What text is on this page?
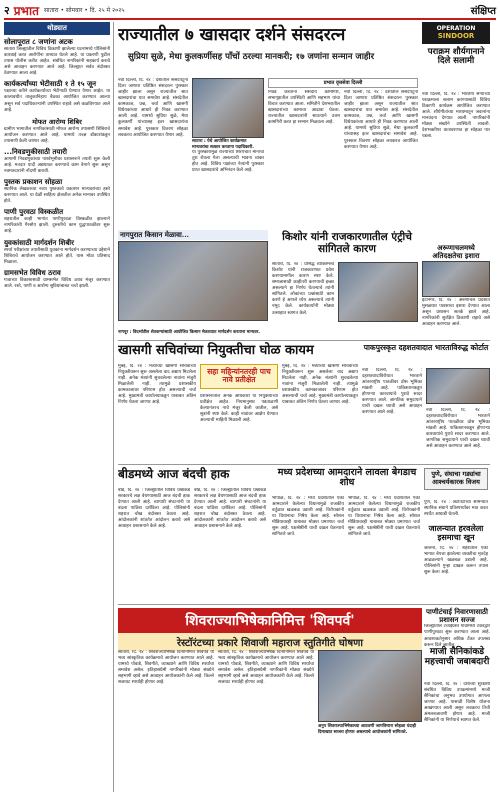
२ प्रभात सातारा • सोमवार • दि. २५ मे २०२५	संक्षिप्त
थोड्यात
सोलापूरात ८ जणांना अटक
सातारा जिल्ह्यातील विविध ठिकाणी झालेल्या घटनांमध्ये पोलिसांनी कारवाई करत आरोपींना ताब्यात घेतले आहे. या प्रकरणी पुढील तपास पोलीस करीत आहेत. संबंधित नागरिकांनी सहकार्य करावे असे आवाहन करण्यात आले आहे. जिल्ह्यात सर्वत्र बंदोबस्त ठेवण्यात आला आहे.
कार्यकर्त्यांच्या भेटीसाठी १ ते १५ जून
पक्षाच्या वतीने कार्यकर्त्यांच्या भेटीगाठी घेण्यात येणार आहेत. या कालावधीत तालुकानिहाय बैठका आयोजित करण्यात आल्या असून सर्व पदाधिकाऱ्यांनी उपस्थित राहावे असे कळविण्यात आले आहे.
मोफत आरोग्य शिबिर
ग्रामीण भागातील नागरिकांसाठी मोफत आरोग्य तपासणी शिबिराचे आयोजन करण्यात आले आहे. यामध्ये तज्ज्ञ डॉक्टरांकडून तपासणी केली जाणार आहे.
...निवडणुकीसाठी तयारी
आगामी निवडणुकांच्या पार्श्वभूमीवर प्रशासनाने तयारी सुरू केली आहे. मतदार यादी अद्ययावत करण्याचे काम वेगाने सुरू असून नवमतदारांनी नोंदणी करावी.
पुस्तक प्रकाशन सोहळा
स्थानिक लेखकाच्या नव्या पुस्तकाचे प्रकाशन मान्यवरांच्या हस्ते करण्यात आले. या वेळी साहित्य क्षेत्रातील अनेक मान्यवर उपस्थित होते.
पाणी पुरवठा विस्कळीत
शहरातील काही भागांत पाणीपुरवठा विस्कळीत झाल्याने नागरिकांची गैरसोय झाली. दुरुस्तीचे काम युद्धपातळीवर सुरू आहे.
युवकांसाठी मार्गदर्शन शिबीर
स्पर्धा परीक्षांच्या तयारीसाठी युवकांना मार्गदर्शन करण्याच्या उद्देशाने शिबिराचे आयोजन करण्यात आले होते. यास मोठा प्रतिसाद मिळाला.
ग्रामसभेत विविध ठराव
गावाच्या विकासासाठी ग्रामसभेत विविध ठराव मंजूर करण्यात आले. रस्ते, पाणी व आरोग्य सुविधांबाबत चर्चा झाली.
राज्यातील ७ खासदार दर्शने संसदरत्न
सुप्रिया सुळे, मेधा कुलकर्णीसह पाँचों ठरल्या मानकरी; १७ जणांना सन्मान जाहीर
प्रभात वृत्तसेवा दिल्ली
नवी दिल्ली, दि. २४ : देशातील संसदपटूंना दिला जाणारा प्रतिष्ठित संसदरत्न पुरस्कार जाहीर झाला असून राज्यातील सात खासदारांचा यात समावेश आहे. संसदेतील कामकाज, प्रश्न, चर्चा आणि खासगी विधेयकांच्या आधारे ही निवड करण्यात आली आहे. यामध्ये सुप्रिया सुळे, मेधा कुलकर्णी यांच्यासह इतर खासदारांचा समावेश आहे. पुरस्कार वितरण सोहळा लवकरच आयोजित करण्यात येणार आहे.
सातारा : येथे आयोजित कार्यक्रमात मान्यवरांचा सत्कार करताना पदाधिकारी.
या पुरस्कारामुळे राज्याच्या शिरपेचात मानाचा तुरा रोवला गेला असल्याची भावना व्यक्त होत आहे. विविध पक्षांच्या नेत्यांनी पुरस्कार प्राप्त खासदारांचे अभिनंदन केले आहे.
निवड करताना संसदीय कामगिरी, सभागृहातील उपस्थिती आणि सहभाग यांचा विचार करण्यात आला. समितीने देशभरातील खासदारांच्या कामाचा आढावा घेतला. राज्यातील खासदारांनी सातत्याने उत्तम कामगिरी करत हा सन्मान मिळवला आहे.
नवी दिल्ली, दि. २४ : देशातील संसदपटूंना दिला जाणारा प्रतिष्ठित संसदरत्न पुरस्कार जाहीर झाला असून राज्यातील सात खासदारांचा यात समावेश आहे. संसदेतील कामकाज, प्रश्न, चर्चा आणि खासगी विधेयकांच्या आधारे ही निवड करण्यात आली आहे. यामध्ये सुप्रिया सुळे, मेधा कुलकर्णी यांच्यासह इतर खासदारांचा समावेश आहे. पुरस्कार वितरण सोहळा लवकरच आयोजित करण्यात येणार आहे.
OPERATION
SINDOOR
पराक्रम शौर्यगानाने दिले सलामी
नवी दिल्ली, दि. २४ : भारतीय सैन्याच्या पराक्रमाला सलाम करण्यासाठी विविध ठिकाणी कार्यक्रम आयोजित करण्यात आले. शौर्यगीतांच्या माध्यमातून जवानांना मानवंदना देण्यात आली. नागरिकांनी मोठ्या संख्येने उपस्थिती लावली. देशभक्तीपर वातावरणात हा सोहळा पार पडला.
नागपुरात किसान मेळावा...
नागपूर : विदर्भातील शेतकऱ्यांसाठी आयोजित किसान मेळाव्यात मार्गदर्शन करताना मान्यवर.
किशोर यांनी राजकारणातील एंट्रीचे सांगितले कारण
सातारा, दि. २४ : प्रसिद्ध व्यक्तिमत्त्व किशोर यांनी राजकारणात प्रवेश करण्यामागील कारण स्पष्ट केले. समाजासाठी काहीतरी करण्याची इच्छा असल्याने हा निर्णय घेतल्याचे त्यांनी सांगितले. लोकांच्या प्रश्नांसाठी काम करणे हे आपले ध्येय असल्याचे त्यांनी नमूद केले. कार्यकर्त्यांनी मोठ्या उत्साहात स्वागत केले.
अरूणाचलमध्ये अतिदक्षतेचा इशारा
इटानगर, दि. २४ : अरुणाचल प्रदेशात मुसळधार पावसाचा इशारा देण्यात आला असून प्रशासन सतर्क झाले आहे. नागरिकांनी सुरक्षित ठिकाणी राहावे असे आवाहन करण्यात आले.
खासगी सचिवांच्या नियुक्तीचा घोळ कायम
मुंबई, दि. २४ : मंत्र्यांच्या खासगी सचिवांच्या नियुक्तीवरून सुरू असलेला वाद अद्याप मिटलेला नाही. अनेक मंत्र्यांनी सुचवलेल्या नावांना मंजुरी मिळालेली नाही. त्यामुळे प्रशासकीय कामकाजावर परिणाम होत असल्याची चर्चा आहे. मुख्यमंत्री कार्यालयाकडून याबाबत अंतिम निर्णय घेतला जाणार आहे.
सहा महिन्यांनतरही पाच नावे प्रतीक्षेत
प्रशासनातील अनेक अधिकारी या नियुक्त्यांच्या प्रतीक्षेत आहेत. नियमानुसार पडताळणी केल्यानंतरच नावे मंजूर केली जातील, असे सूत्रांनी स्पष्ट केले. काही नावांवर आक्षेप घेण्यात आल्याची माहिती मिळाली आहे.
मुंबई, दि. २४ : मंत्र्यांच्या खासगी सचिवांच्या नियुक्तीवरून सुरू असलेला वाद अद्याप मिटलेला नाही. अनेक मंत्र्यांनी सुचवलेल्या नावांना मंजुरी मिळालेली नाही. त्यामुळे प्रशासकीय कामकाजावर परिणाम होत असल्याची चर्चा आहे. मुख्यमंत्री कार्यालयाकडून याबाबत अंतिम निर्णय घेतला जाणार आहे.
पाकपुरस्कृत दहशतवादात भारताविरुद्ध कोर्टात
नवी दिल्ली, दि. २४ : दहशतवादाविरोधात भारताने आंतरराष्ट्रीय पातळीवर ठोस भूमिका मांडली आहे. पाकिस्तानकडून होणाऱ्या कारवायांचे पुरावे सादर करण्यात आले. जागतिक समुदायाने याची दखल घ्यावी असे आवाहन करण्यात आले आहे.	नवी दिल्ली, दि. २४ : दहशतवादाविरोधात भारताने आंतरराष्ट्रीय पातळीवर ठोस भूमिका मांडली आहे. पाकिस्तानकडून होणाऱ्या कारवायांचे पुरावे सादर करण्यात आले. जागतिक समुदायाने याची दखल घ्यावी असे आवाहन करण्यात आले आहे.
बीडमध्ये आज बंदची हाक
बीड, दि. २४ : जिल्ह्यातील विविध प्रश्नांकडे सरकारचे लक्ष वेधण्यासाठी आज बंदची हाक देण्यात आली आहे. व्यापारी संघटनांनी या बंदला पाठिंबा दर्शविला आहे. पोलिसांनी शहरात चोख बंदोबस्त ठेवला आहे. आंदोलकांनी शांततेत आंदोलन करावे असे आवाहन प्रशासनाने केले आहे.
बीड, दि. २४ : जिल्ह्यातील विविध प्रश्नांकडे सरकारचे लक्ष वेधण्यासाठी आज बंदची हाक देण्यात आली आहे. व्यापारी संघटनांनी या बंदला पाठिंबा दर्शविला आहे. पोलिसांनी शहरात चोख बंदोबस्त ठेवला आहे. आंदोलकांनी शांततेत आंदोलन करावे असे आवाहन प्रशासनाने केले आहे.
मध्य प्रदेशच्या आमदाराने लावला बेगडाच शोध
भोपाळ, दि. २४ : मध्य प्रदेशातील एका आमदाराने केलेल्या विधानामुळे राजकीय वर्तुळात खळबळ उडाली आहे. विरोधकांनी या विधानाचा निषेध केला आहे. सोशल मीडियावरही याबाबत मोठ्या प्रमाणात चर्चा सुरू आहे. पक्षश्रेष्ठींनी याची दखल घेतल्याचे सांगितले जाते.
भोपाळ, दि. २४ : मध्य प्रदेशातील एका आमदाराने केलेल्या विधानामुळे राजकीय वर्तुळात खळबळ उडाली आहे. विरोधकांनी या विधानाचा निषेध केला आहे. सोशल मीडियावरही याबाबत मोठ्या प्रमाणात चर्चा सुरू आहे. पक्षश्रेष्ठींनी याची दखल घेतल्याचे सांगितले जाते.
पुणे, संघाचा गड्यांचा आश्चर्यकारक विजय
पुणे, दि. २४ : अटीतटीच्या सामन्यात स्थानिक संघाने प्रतिस्पर्ध्यांवर मात करत स्पर्धेत आघाडी घेतली.
जालन्यात हरवलेला इसमाचा खून
जालना, दि. २४ : शहरातील एका भागात बेपत्ता झालेल्या व्यक्तीचा मृतदेह आढळल्याने खळबळ उडाली आहे. पोलिसांनी गुन्हा दाखल करून तपास सुरू केला आहे.
शिवराज्याभिषेकानिमित्त 'शिवपर्व'
रेस्टॉरंटच्या प्रकारे शिवाजी महाराज स्तुतिगीते घोषणा
सातारा, दि. २४ : शिवराज्याभिषेक दिनानिमित्त शिवपर्व या भव्य सांस्कृतिक कार्यक्रमाचे आयोजन करण्यात आले आहे. यामध्ये पोवाडे, शिवगीते, व्याख्याने आणि विविध स्पर्धांचा समावेश असेल. इतिहासप्रेमी नागरिकांनी मोठ्या संख्येने सहभागी व्हावे असे आवाहन आयोजकांनी केले आहे. किल्ले सजावट स्पर्धाही होणार आहे.
सातारा, दि. २४ : शिवराज्याभिषेक दिनानिमित्त शिवपर्व या भव्य सांस्कृतिक कार्यक्रमाचे आयोजन करण्यात आले आहे. यामध्ये पोवाडे, शिवगीते, व्याख्याने आणि विविध स्पर्धांचा समावेश असेल. इतिहासप्रेमी नागरिकांनी मोठ्या संख्येने सहभागी व्हावे असे आवाहन आयोजकांनी केले आहे. किल्ले सजावट स्पर्धाही होणार आहे.
अनुप शिवराज्याभिषेकाच्या आठवणी जागविणारा सोहळा यंदाही दिमाखात साजरा होणार असल्याचे आयोजकांनी सांगितले.
पाणीटंचाई निवारणासाठी प्रशासन सज्ज
जिल्ह्यातील टंचाईग्रस्त गावांमध्ये टँकरद्वारे पाणीपुरवठा सुरू करण्यात आला आहे. आवश्यकतेनुसार अधिक टँकर उपलब्ध करून दिले जातील.
माजी सैनिकांकडे महत्त्वाची जबाबदारी
नवी दिल्ली, दि. २४ : देशाच्या सुरक्षेशी संबंधित विविध उपक्रमांमध्ये माजी सैनिकांचा अनुभव उपयोगात आणला जाणार आहे. यासाठी विशेष योजना आखण्यात आली असून लवकरच तिची अंमलबजावणी होणार आहे. माजी सैनिकांनी या निर्णयाचे स्वागत केले.
